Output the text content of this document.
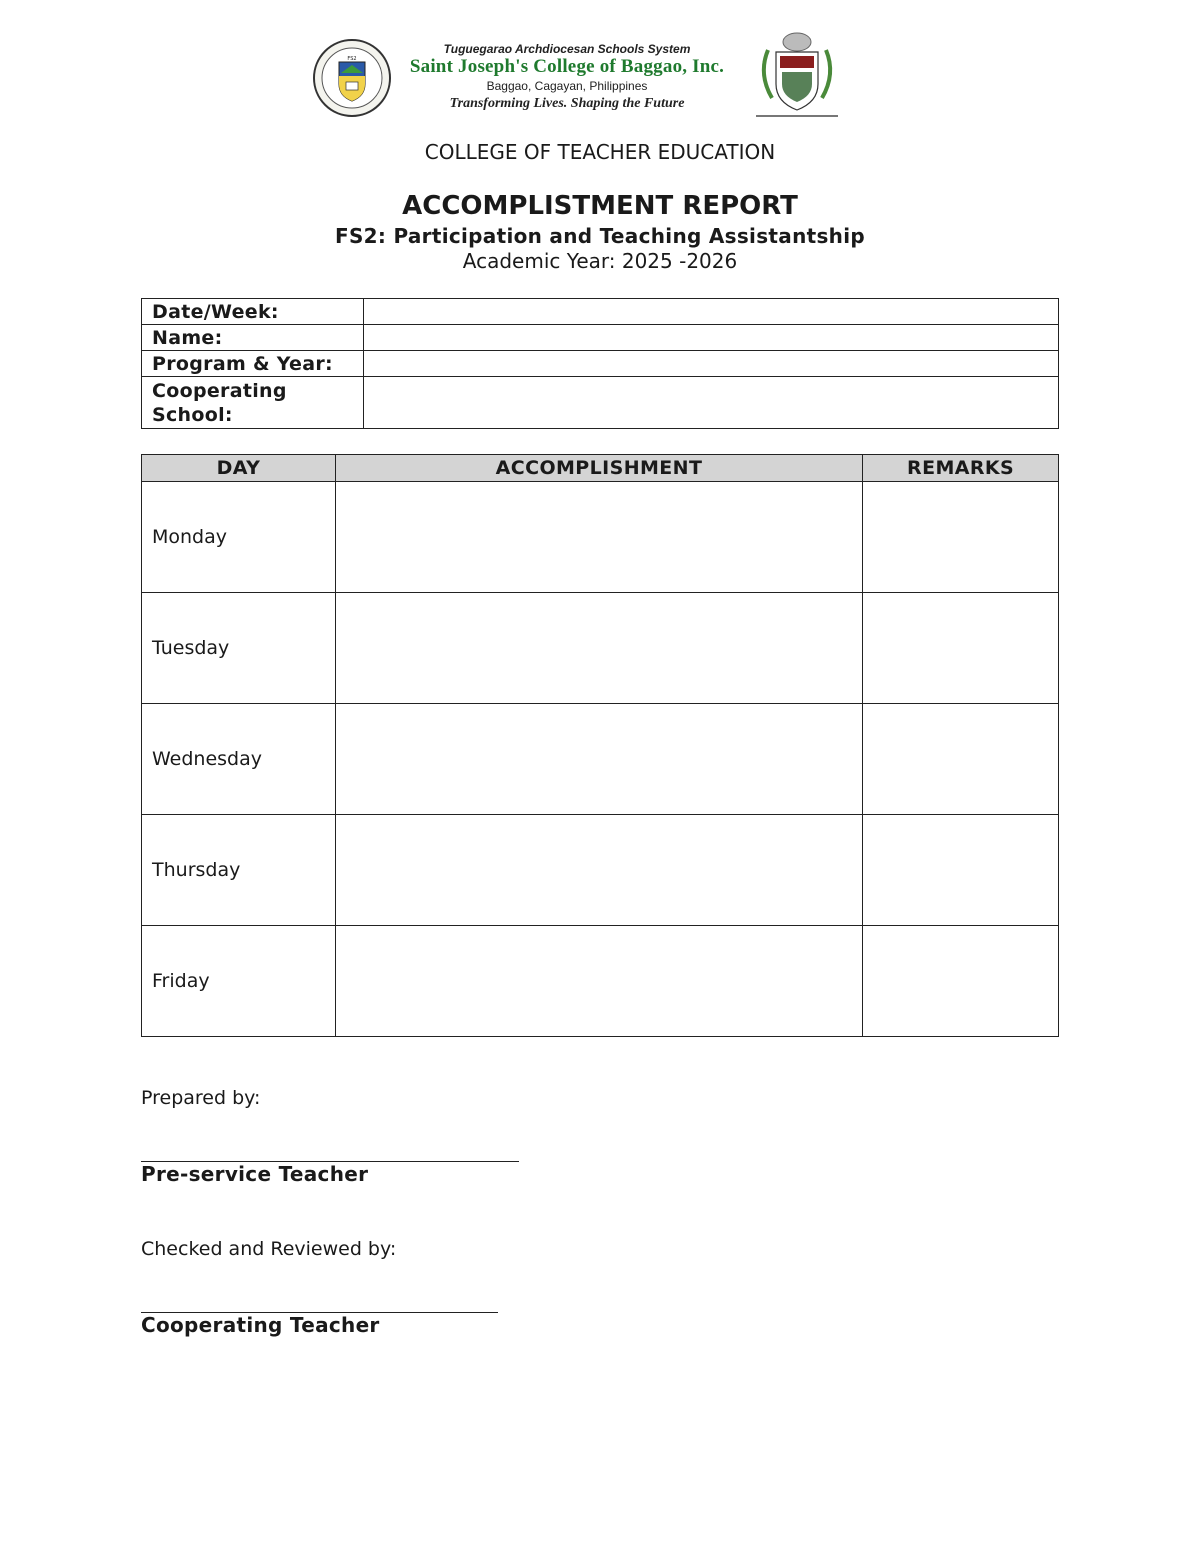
FS2
Tuguegarao Archdiocesan Schools System
Saint Joseph's College of Baggao, Inc.
Baggao, Cagayan, Philippines
Transforming Lives. Shaping the Future
COLLEGE OF TEACHER EDUCATION
ACCOMPLISTMENT REPORT
FS2: Participation and Teaching Assistantship
Academic Year: 2025 -2026
Date/Week:	
Name:	
Program & Year:	
Cooperating School:	
DAY	ACCOMPLISHMENT	REMARKS
Monday		
Tuesday		
Wednesday		
Thursday		
Friday		
Prepared by:
Pre-service Teacher
Checked and Reviewed by:
Cooperating Teacher
